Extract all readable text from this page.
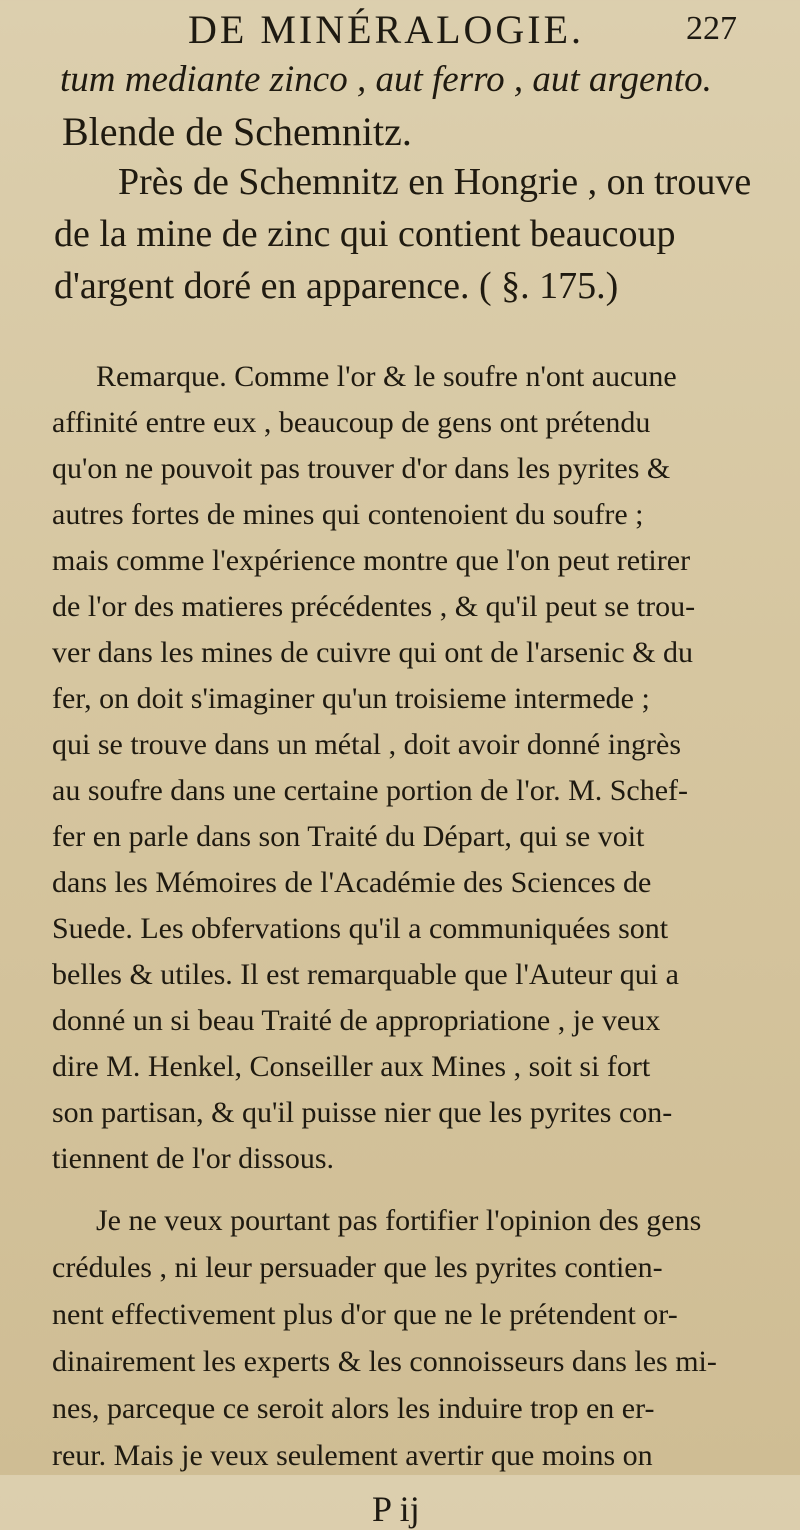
DE MINÉRALOGIE.	227
P ij
tum mediante zinco , aut ferro , aut argento.
Blende de Schemnitz.
Près de Schemnitz en Hongrie , on trouve
de la mine de zinc qui contient beaucoup
d'argent doré en apparence. ( §. 175.)
Remarque. Comme l'or & le soufre n'ont aucune
affinité entre eux , beaucoup de gens ont prétendu
qu'on ne pouvoit pas trouver d'or dans les pyrites &
autres fortes de mines qui contenoient du soufre ;
mais comme l'expérience montre que l'on peut retirer
de l'or des matieres précédentes , & qu'il peut se trou-
ver dans les mines de cuivre qui ont de l'arsenic & du
fer, on doit s'imaginer qu'un troisieme intermede ;
qui se trouve dans un métal , doit avoir donné ingrès
au soufre dans une certaine portion de l'or. M. Schef-
fer en parle dans son Traité du Départ, qui se voit
dans les Mémoires de l'Académie des Sciences de
Suede. Les obfervations qu'il a communiquées sont
belles & utiles. Il est remarquable que l'Auteur qui a
donné un si beau Traité de appropriatione , je veux
dire M. Henkel, Conseiller aux Mines , soit si fort
son partisan, & qu'il puisse nier que les pyrites con-
tiennent de l'or dissous.
Je ne veux pourtant pas fortifier l'opinion des gens
crédules , ni leur persuader que les pyrites contien-
nent effectivement plus d'or que ne le prétendent or-
dinairement les experts & les connoisseurs dans les mi-
nes, parceque ce seroit alors les induire trop en er-
reur. Mais je veux seulement avertir que moins on
